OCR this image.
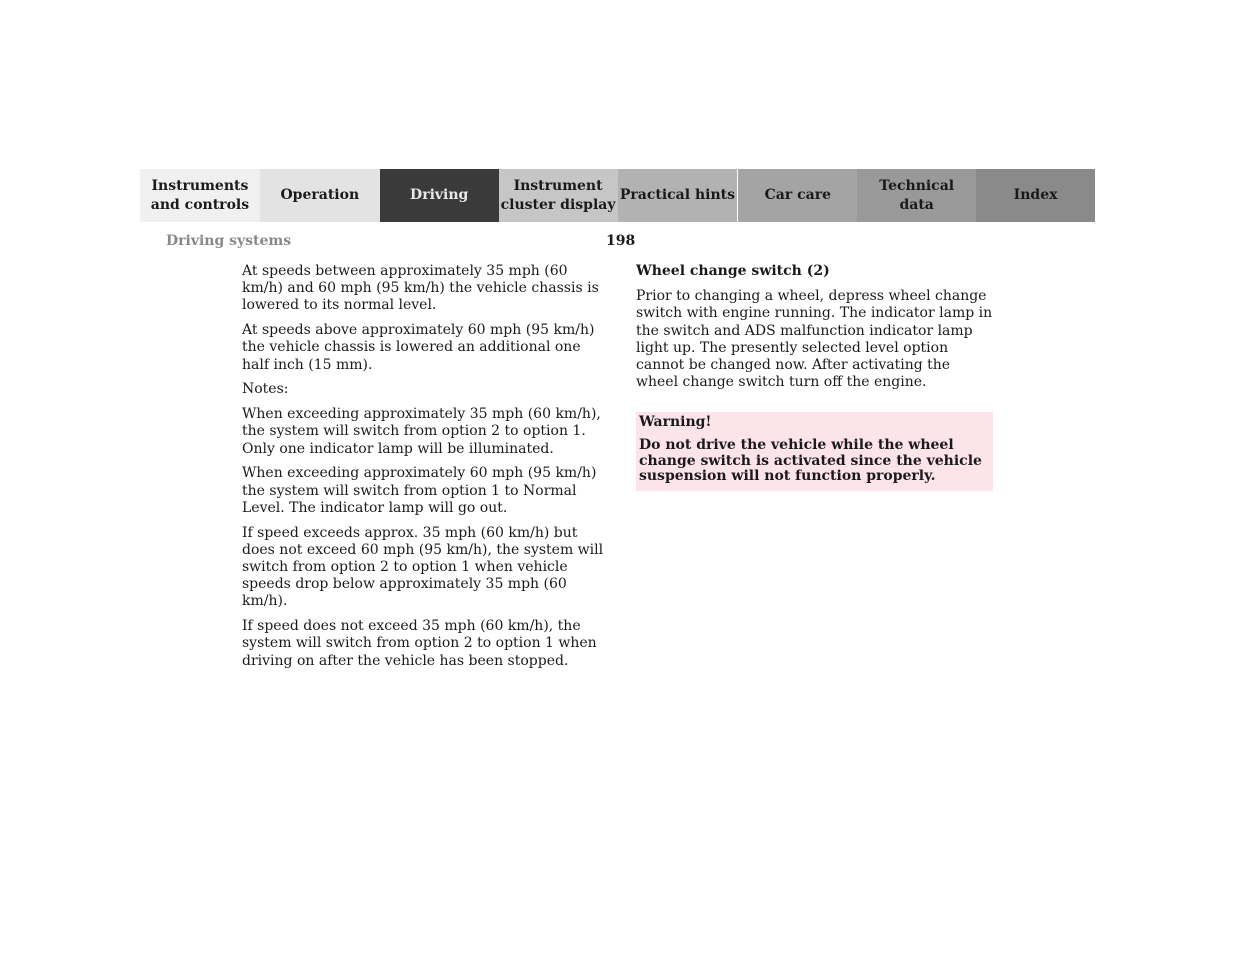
Instruments
and controls
Operation	Driving
Instrument
cluster display
Practical hints Car care
Technical
data
Index
Driving systems	198

At speeds between approximately 35 mph (60 km/h) and 60 mph (95 km/h) the vehicle chassis is lowered to its normal level.

At speeds above approximately 60 mph (95 km/h) the vehicle chassis is lowered an additional one half inch (15 mm).

Notes:

When exceeding approximately 35 mph (60 km/h), the system will switch from option 2 to option 1. Only one indicator lamp will be illuminated.

When exceeding approximately 60 mph (95 km/h) the system will switch from option 1 to Normal Level. The indicator lamp will go out.

If speed exceeds approx. 35 mph (60 km/h) but does not exceed 60 mph (95 km/h), the system will switch from option 2 to option 1 when vehicle speeds drop below approximately 35 mph (60 km/h).

If speed does not exceed 35 mph (60 km/h), the system will switch from option 2 to option 1 when driving on after the vehicle has been stopped.

Wheel change switch (2)

Prior to changing a wheel, depress wheel change switch with engine running. The indicator lamp in the switch and ADS malfunction indicator lamp light up. The presently selected level option cannot be changed now. After activating the wheel change switch turn off the engine.

Warning!

Do not drive the vehicle while the wheel change switch is activated since the vehicle suspension will not function properly.
